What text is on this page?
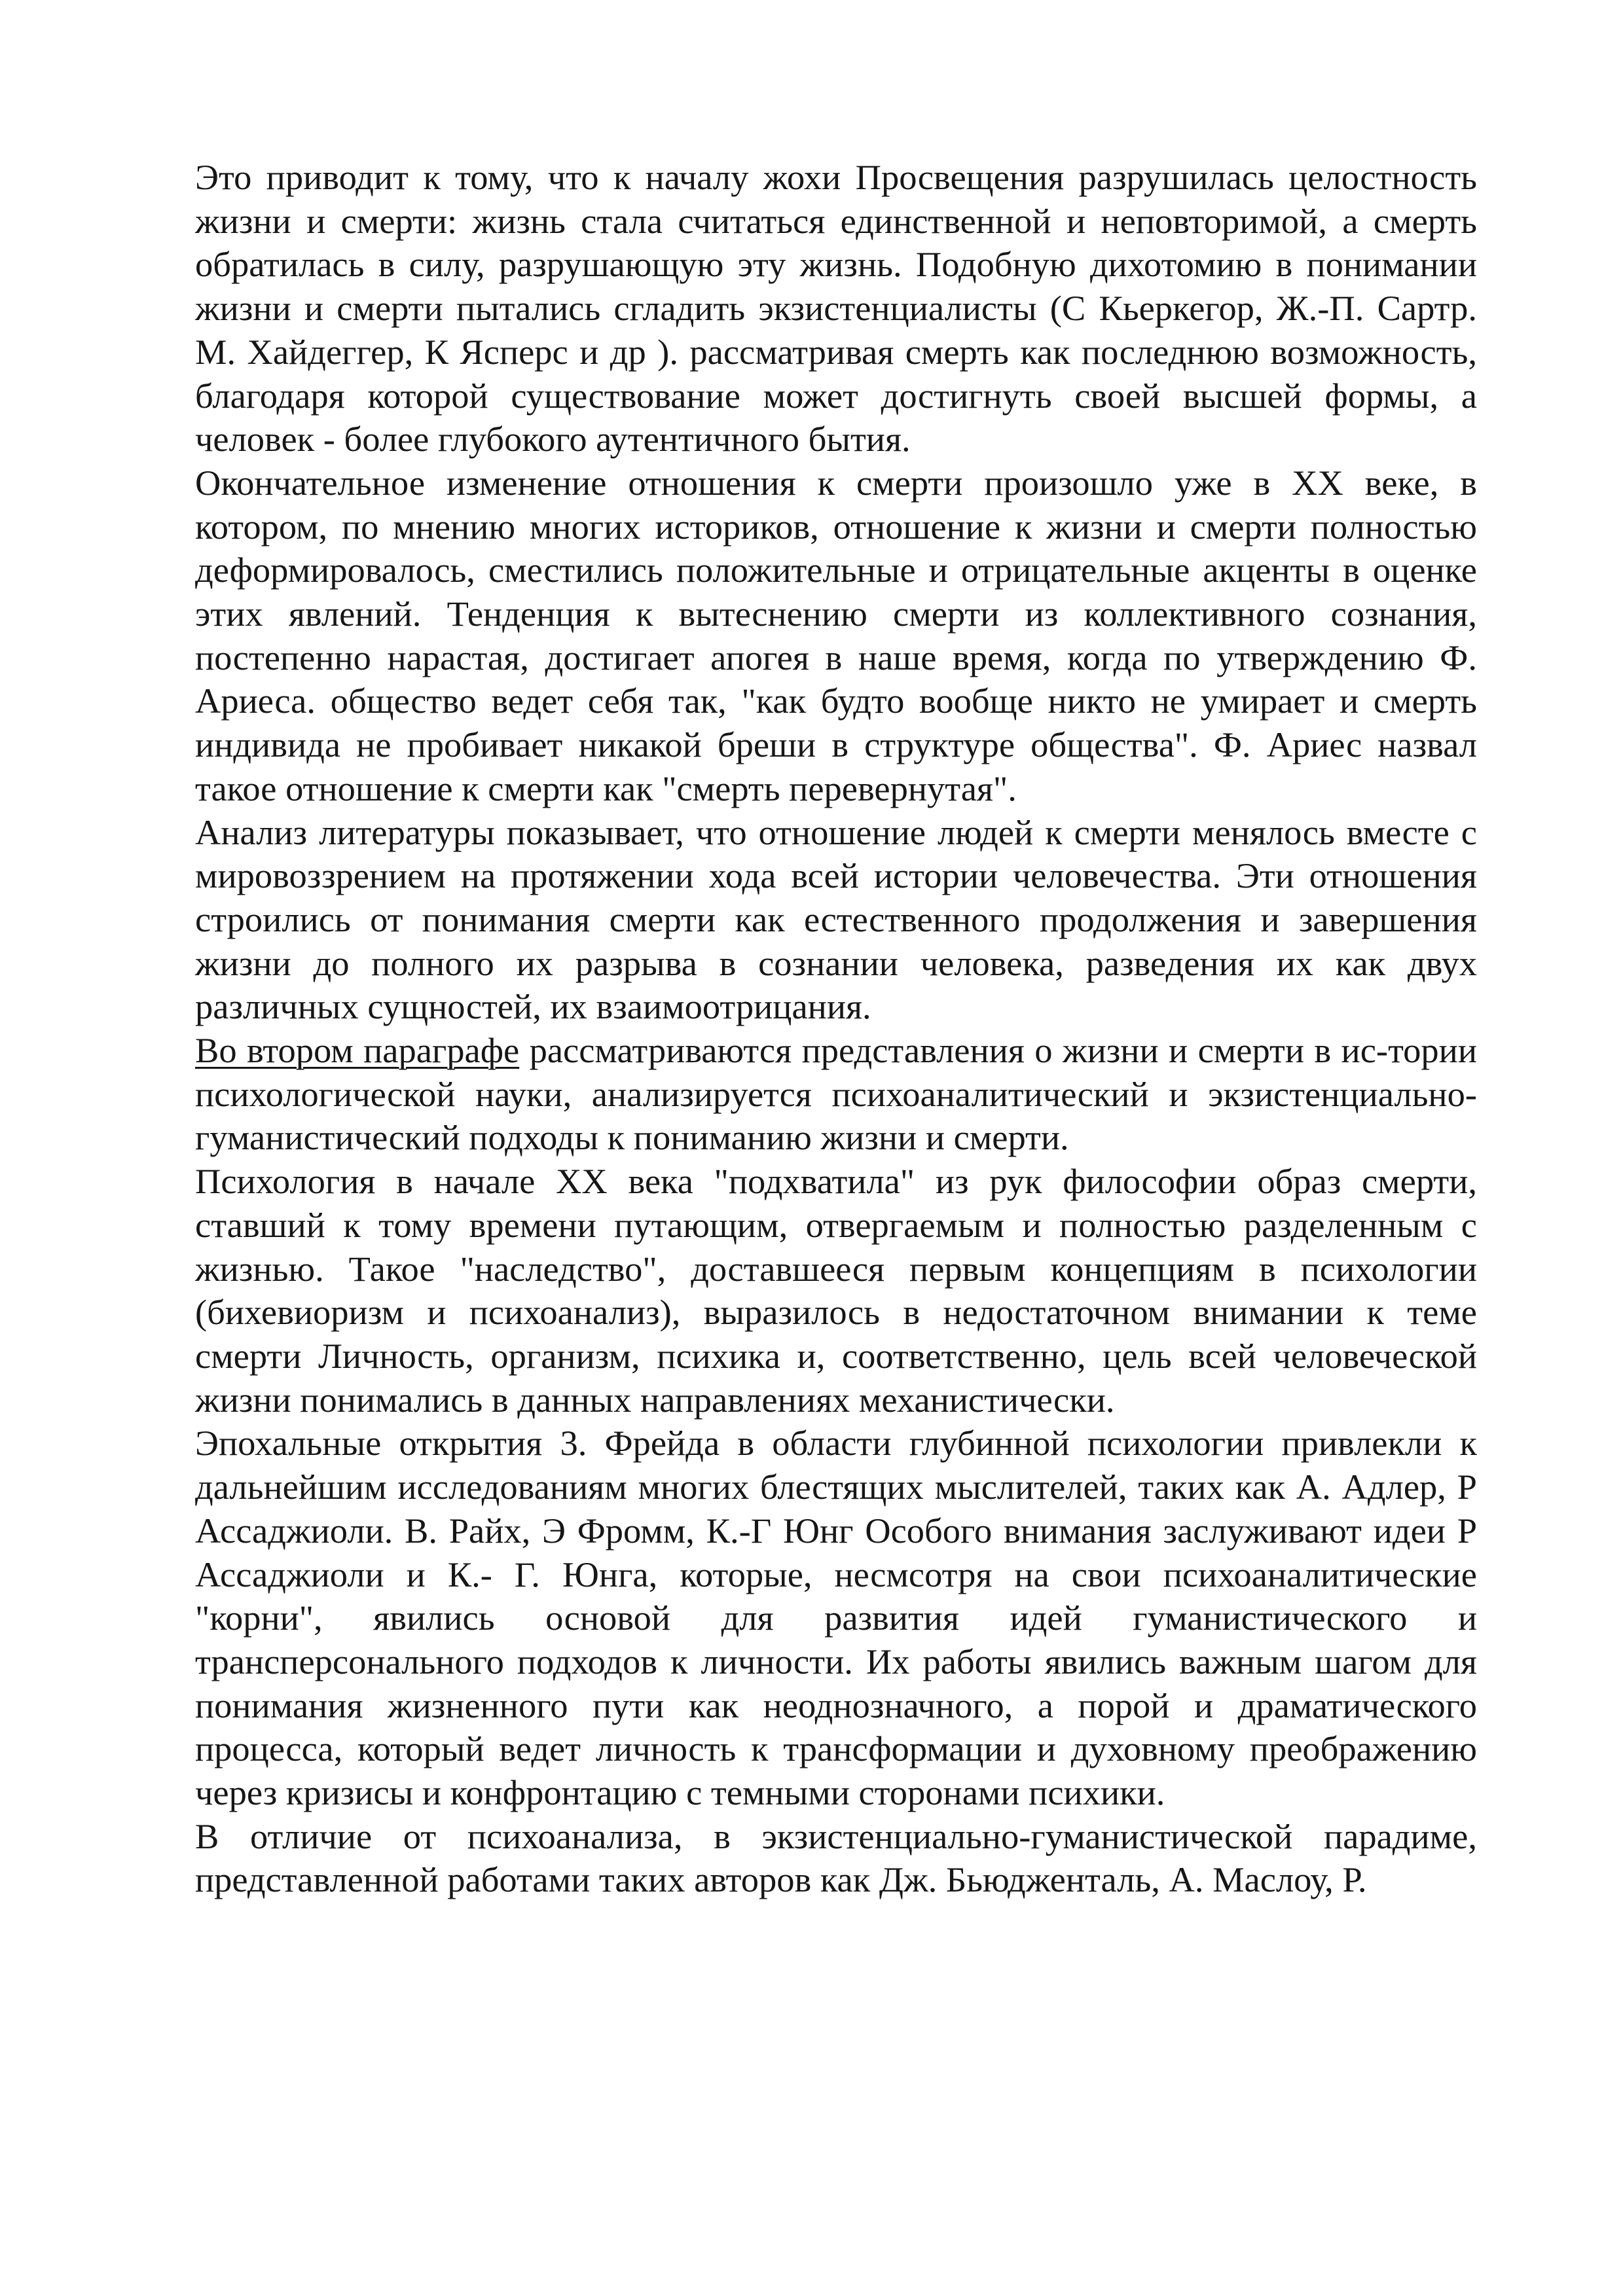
Это приводит к тому, что к началу жохи Просвещения разрушилась целостность жизни и смерти: жизнь стала считаться единственной и неповторимой, а смерть обратилась в силу, разрушающую эту жизнь. Подобную дихотомию в понимании жизни и смерти пытались сгладить экзистенциалисты (С Кьеркегор, Ж.-П. Сартр. М. Хайдеггер, К Ясперс и др ). рассматривая смерть как последнюю возможность, благодаря которой существование может достигнуть своей высшей формы, а человек - более глубокого аутентичного бытия.

Окончательное изменение отношения к смерти произошло уже в XX веке, в котором, по мнению многих историков, отношение к жизни и смерти полностью деформировалось, сместились положительные и отрицательные акценты в оценке этих явлений. Тенденция к вытеснению смерти из коллективного сознания, постепенно нарастая, достигает апогея в наше время, когда по утверждению Ф. Ариеса. общество ведет себя так, "как будто вообще никто не умирает и смерть индивида не пробивает никакой бреши в структуре общества". Ф. Ариес назвал такое отношение к смерти как "смерть перевернутая".

Анализ литературы показывает, что отношение людей к смерти менялось вместе с мировоззрением на протяжении хода всей истории человечества. Эти отношения строились от понимания смерти как естественного продолжения и завершения жизни до полного их разрыва в сознании человека, разведения их как двух различных сущностей, их взаимоотрицания.

Во втором параграфе рассматриваются представления о жизни и смерти в ис-тории психологической науки, анализируется психоаналитический и экзистенциально-гуманистический подходы к пониманию жизни и смерти.

Психология в начале XX века "подхватила" из рук философии образ смерти, ставший к тому времени путающим, отвергаемым и полностью разделенным с жизнью. Такое "наследство", доставшееся первым концепциям в психологии (бихевиоризм и психоанализ), выразилось в недостаточном внимании к теме смерти Личность, организм, психика и, соответственно, цель всей человеческой жизни понимались в данных направлениях механистически.

Эпохальные открытия 3. Фрейда в области глубинной психологии привлекли к дальнейшим исследованиям многих блестящих мыслителей, таких как А. Адлер, Р Ассаджиоли. В. Райх, Э Фромм, К.-Г Юнг Особого внимания заслуживают идеи Р Ассаджиоли и К.- Г. Юнга, которые, несмсотря на свои психоаналитические "корни", явились основой для развития идей гуманистического и трансперсонального подходов к личности. Их работы явились важным шагом для понимания жизненного пути как неоднозначного, а порой и драматического процесса, который ведет личность к трансформации и духовному преображению через кризисы и конфронтацию с темными сторонами психики.

В отличие от психоанализа, в экзистенциально-гуманистической парадиме, представленной работами таких авторов как Дж. Бьюдженталь, А. Маслоу, Р.
